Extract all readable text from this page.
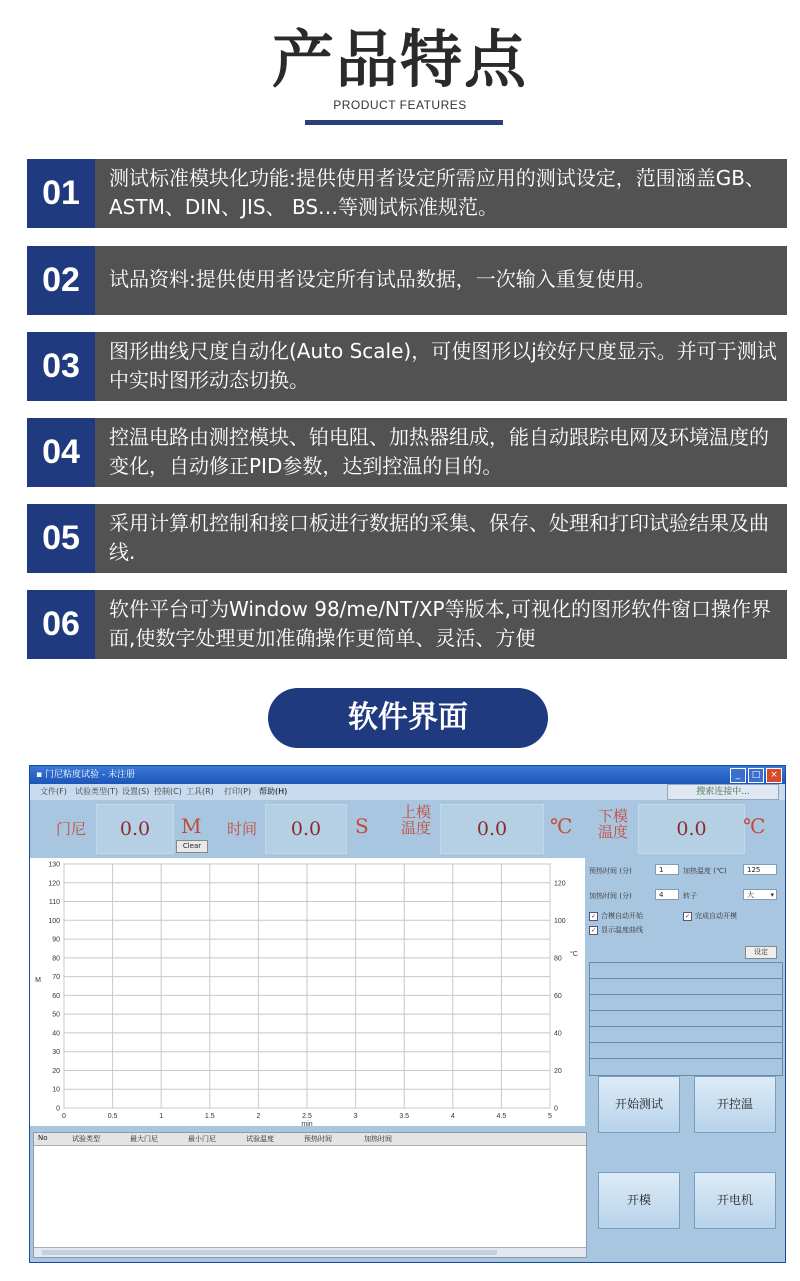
产品特点
PRODUCT FEATURES
01	测试标准模块化功能:提供使用者设定所需应用的测试设定，范围涵盖GB、ASTM、DIN、JIS、 BS…等测试标准规范。
02	试品资料:提供使用者设定所有试品数据，一次输入重复使用。
03	图形曲线尺度自动化(Auto Scale)，可使图形以j较好尺度显示。并可于测试中实时图形动态切换。
04	控温电路由测控模块、铂电阻、加热器组成，能自动跟踪电网及环境温度的变化，自动修正PID参数，达到控温的目的。
05	采用计算机控制和接口板进行数据的采集、保存、处理和打印试验结果及曲线.
06	软件平台可为Window 98/me/NT/XP等版本,可视化的图形软件窗口操作界面,使数字处理更加准确操作更简单、灵活、方便
软件界面
▪ 门尼粘度试验 - 未注册	_	□	×
文件(F) 试验类型(T) 设置(S) 控制(C) 工具(R) 打印(P) 帮助(H)	搜索连接中...
门尼	0.0	M
Clear
时间	0.0	S
上模
温度	0.0	℃ 下模
温度	0.0	℃
0	0.5	1	1.5	2	2.5	3	3.5	4	4.5	5
130
120
110
100
90
80
70
60
50
40
30
20
10
0
120
100
80
60
40
20
0
min
M
°C
预热时间 (分)	1	加热温度 (℃)	125
加热时间 (分)	4	转子	大 ▾
✓ 合模自动开始	✓ 完成自动开模
✓ 显示温度曲线
设定
No	试验类型	最大门尼	最小门尼	试验温度	预热时间	加热时间
开始测试	开控温
开模	开电机
